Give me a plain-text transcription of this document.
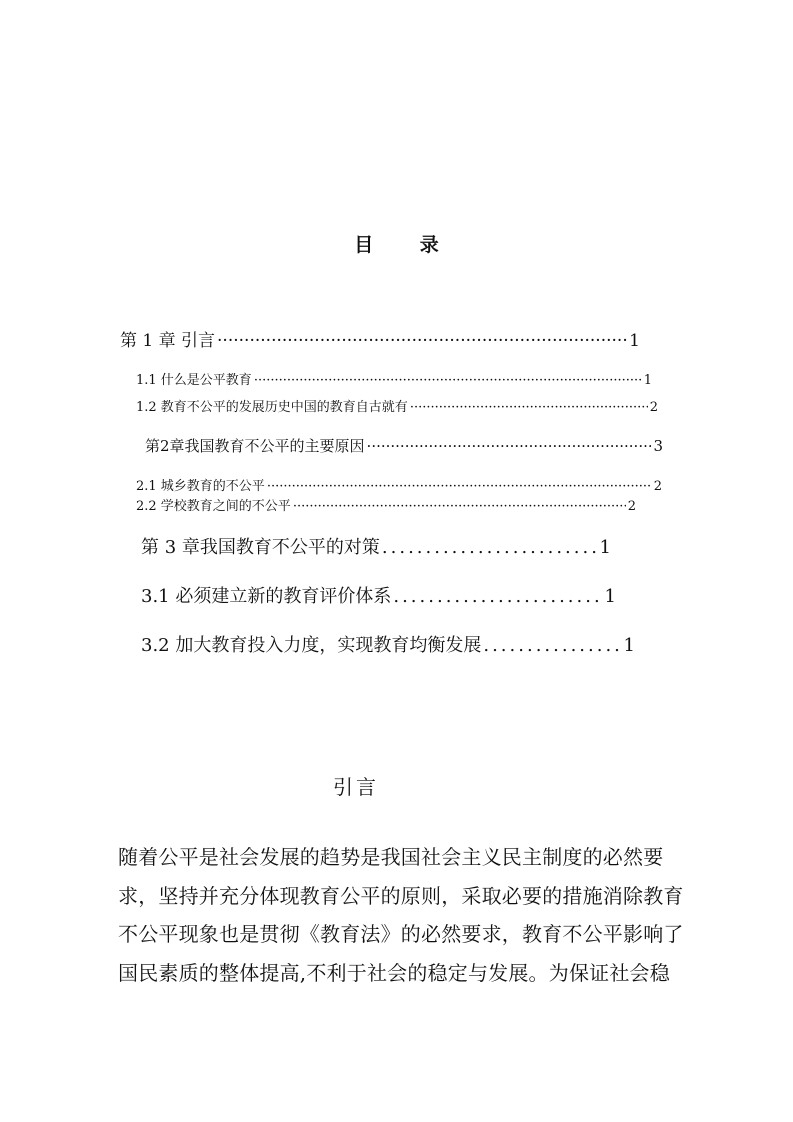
目 录
第 1 章 引言 ·····	1
1.1 什么是公平教育 ·····	1
1.2 教育不公平的发展历史中国的教育自古就有 ·····	2
第2章我国教育不公平的主要原因 ·····	3
2.1 城乡教育的不公平 ·····	2
2.2 学校教育之间的不公平 ·····	2
第 3 章我国教育不公平的对策 .....	1
3.1 必须建立新的教育评价体系 .....	1
3.2 加大教育投入力度，实现教育均衡发展 .....	1
引言
随着公平是社会发展的趋势是我国社会主义民主制度的必然要
求，坚持并充分体现教育公平的原则，采取必要的措施消除教育
不公平现象也是贯彻《教育法》的必然要求，教育不公平影响了
国民素质的整体提高,不利于社会的稳定与发展。为保证社会稳
